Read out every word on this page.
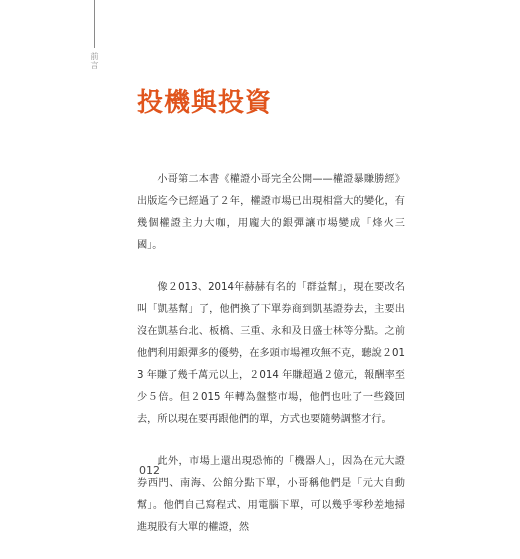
前言

投機與投資

小哥第二本書《權證小哥完全公開——權證暴賺勝經》出版迄今已經過了２年，權證市場已出現相當大的變化，有幾個權證主力大咖，用龐大的銀彈讓市場變成「烽火三國」。

像２013、2014年赫赫有名的「群益幫」，現在要改名叫「凱基幫」了，他們換了下單券商到凱基證券去，主要出沒在凱基台北、板橋、三重、永和及日盛士林等分點。之前他們利用銀彈多的優勢，在多頭市場裡攻無不克，聽說２013 年賺了幾千萬元以上，２014 年賺超過２億元，報酬率至少５倍。但２015 年轉為盤整市場，他們也吐了一些錢回去，所以現在要再跟他們的單，方式也要隨勢調整才行。

此外，市場上還出現恐怖的「機器人」，因為在元大證券西門、南海、公館分點下單，小哥稱他們是「元大自動幫」。他們自己寫程式、用電腦下單，可以幾乎零秒差地掃進現股有大單的權證，然

012
